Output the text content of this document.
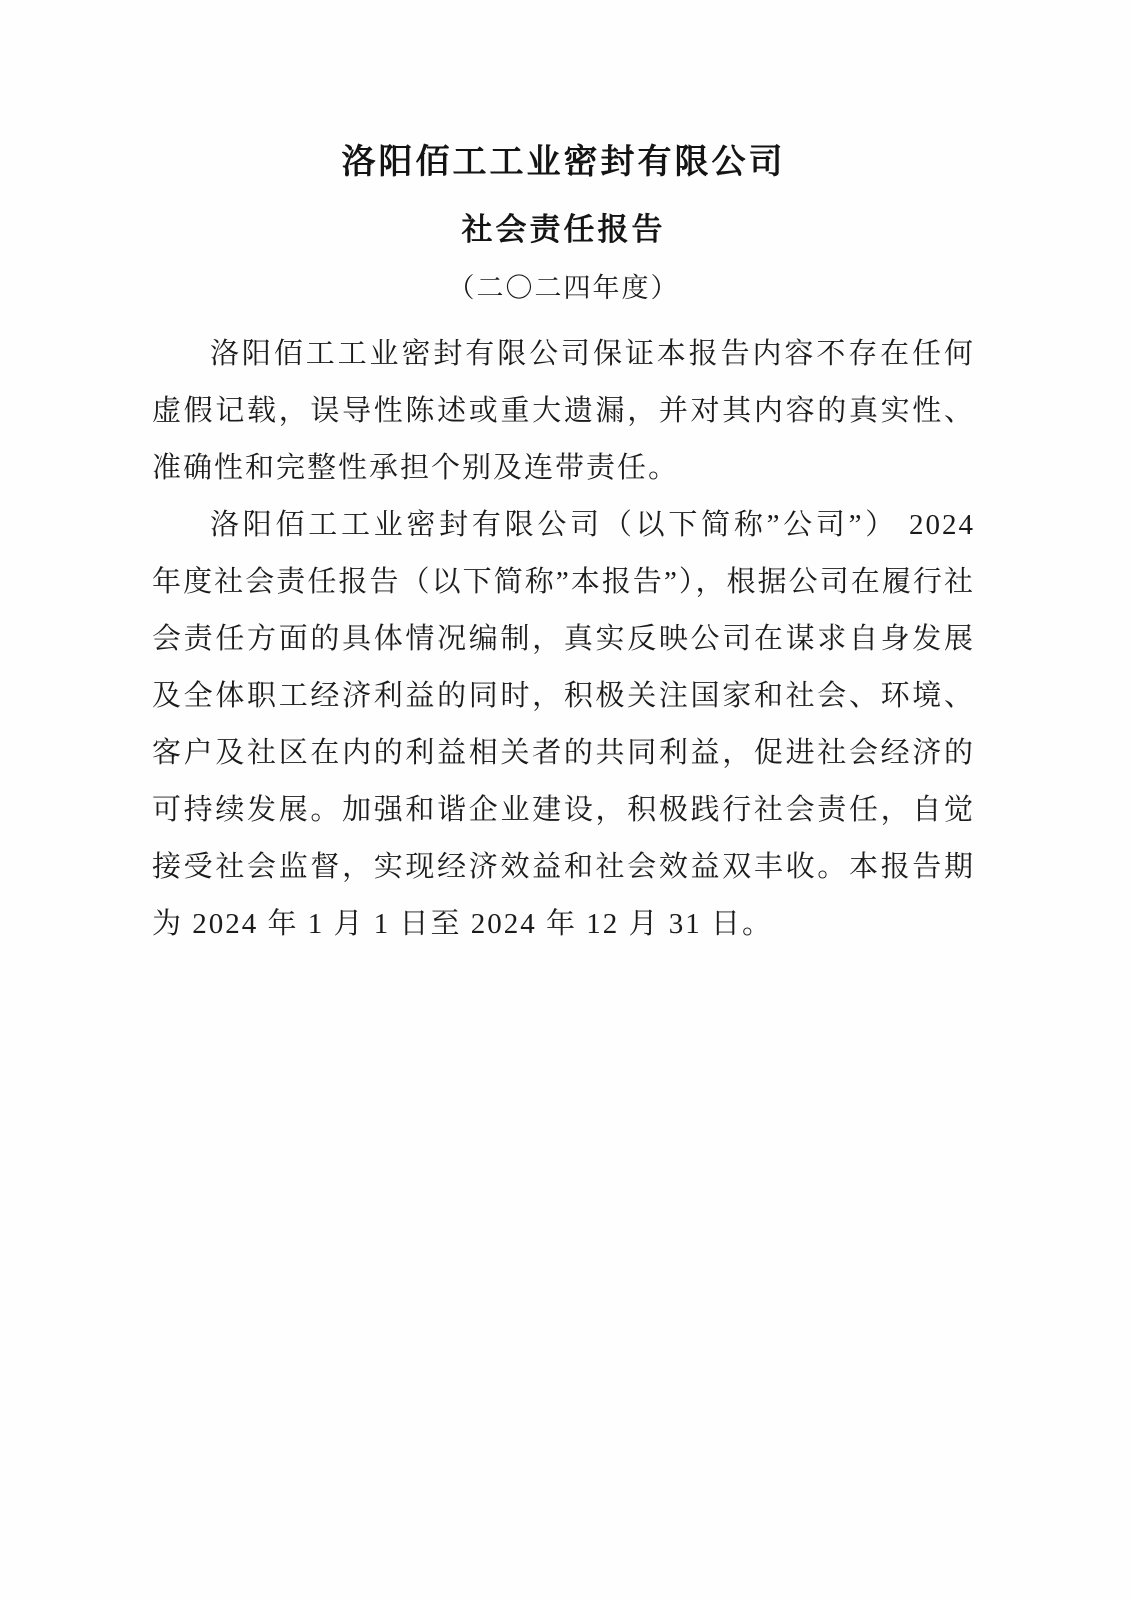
洛阳佰工工业密封有限公司
社会责任报告
（二〇二四年度）

洛阳佰工工业密封有限公司保证本报告内容不存在任何虚假记载，误导性陈述或重大遗漏，并对其内容的真实性、准确性和完整性承担个别及连带责任。

洛阳佰工工业密封有限公司（以下简称”公司”） 2024 年度社会责任报告（以下简称”本报告”），根据公司在履行社会责任方面的具体情况编制，真实反映公司在谋求自身发展及全体职工经济利益的同时，积极关注国家和社会、环境、客户及社区在内的利益相关者的共同利益，促进社会经济的可持续发展。加强和谐企业建设，积极践行社会责任，自觉接受社会监督，实现经济效益和社会效益双丰收。本报告期为 2024 年 1 月 1 日至 2024 年 12 月 31 日。
